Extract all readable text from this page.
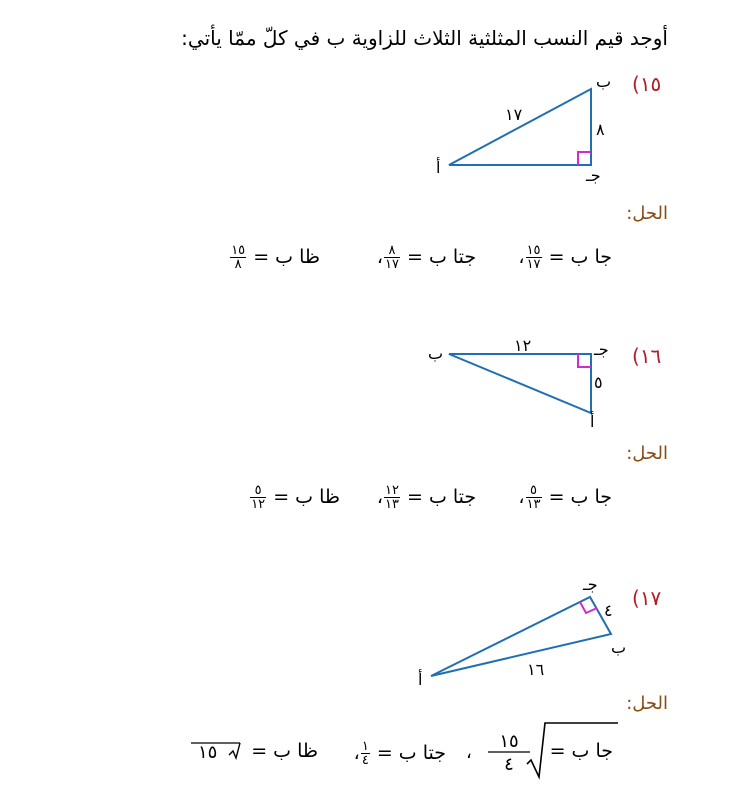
أوجد قيم النسب المثلثية الثلاث للزاوية ب في كلّ ممّا يأتي:
(١٥
ب
أ	جـ
١٧
٨
الحل:
جا ب =
$\frac{١٥}{١٧}$
،       جتا ب =
$\frac{٨}{١٧}$
،
ظا ب =
$\frac{١٥}{٨}$
(١٦
ب	جـ
أ
١٢
٥
الحل:
جا ب =
$\frac{٥}{١٣}$
،       جتا ب =
$\frac{١٢}{١٣}$
،
ظا ب =
$\frac{٥}{١٢}$
(١٧
جـ
٤
ب
أ
١٦
الحل:
جا ب =
١٥
٤
،
جتا ب =
$\frac{١}{٤}$
،
ظا ب =
١٥
